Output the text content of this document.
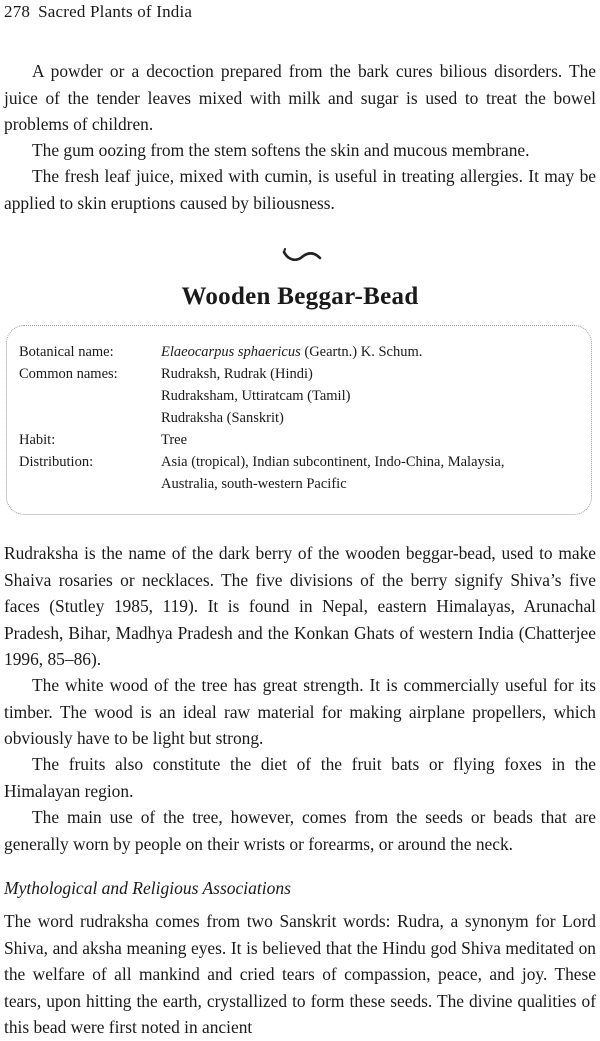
278 Sacred Plants of India

A powder or a decoction prepared from the bark cures bilious disorders. The juice of the tender leaves mixed with milk and sugar is used to treat the bowel problems of children.

The gum oozing from the stem softens the skin and mucous membrane.

The fresh leaf juice, mixed with cumin, is useful in treating allergies. It may be applied to skin eruptions caused by biliousness.

Wooden Beggar-Bead
Botanical name:	Elaeocarpus sphaericus (Geartn.) K. Schum.
Common names:	Rudraksh, Rudrak (Hindi)
Rudraksham, Uttiratcam (Tamil)
Rudraksha (Sanskrit)
Habit:	Tree
Distribution:	Asia (tropical), Indian subcontinent, Indo-China, Malaysia,
Australia, south-western Pacific

Rudraksha is the name of the dark berry of the wooden beggar-bead, used to make Shaiva rosaries or necklaces. The five divisions of the berry signify Shiva’s five faces (Stutley 1985, 119). It is found in Nepal, eastern Himalayas, Arunachal Pradesh, Bihar, Madhya Pradesh and the Konkan Ghats of western India (Chatterjee 1996, 85–86).

The white wood of the tree has great strength. It is commercially useful for its timber. The wood is an ideal raw material for making airplane propellers, which obviously have to be light but strong.

The fruits also constitute the diet of the fruit bats or flying foxes in the Himalayan region.

The main use of the tree, however, comes from the seeds or beads that are generally worn by people on their wrists or forearms, or around the neck.

Mythological and Religious Associations

The word rudraksha comes from two Sanskrit words: Rudra, a synonym for Lord Shiva, and aksha meaning eyes. It is believed that the Hindu god Shiva meditated on the welfare of all mankind and cried tears of compassion, peace, and joy. These tears, upon hitting the earth, crystallized to form these seeds. The divine qualities of this bead were first noted in ancient
